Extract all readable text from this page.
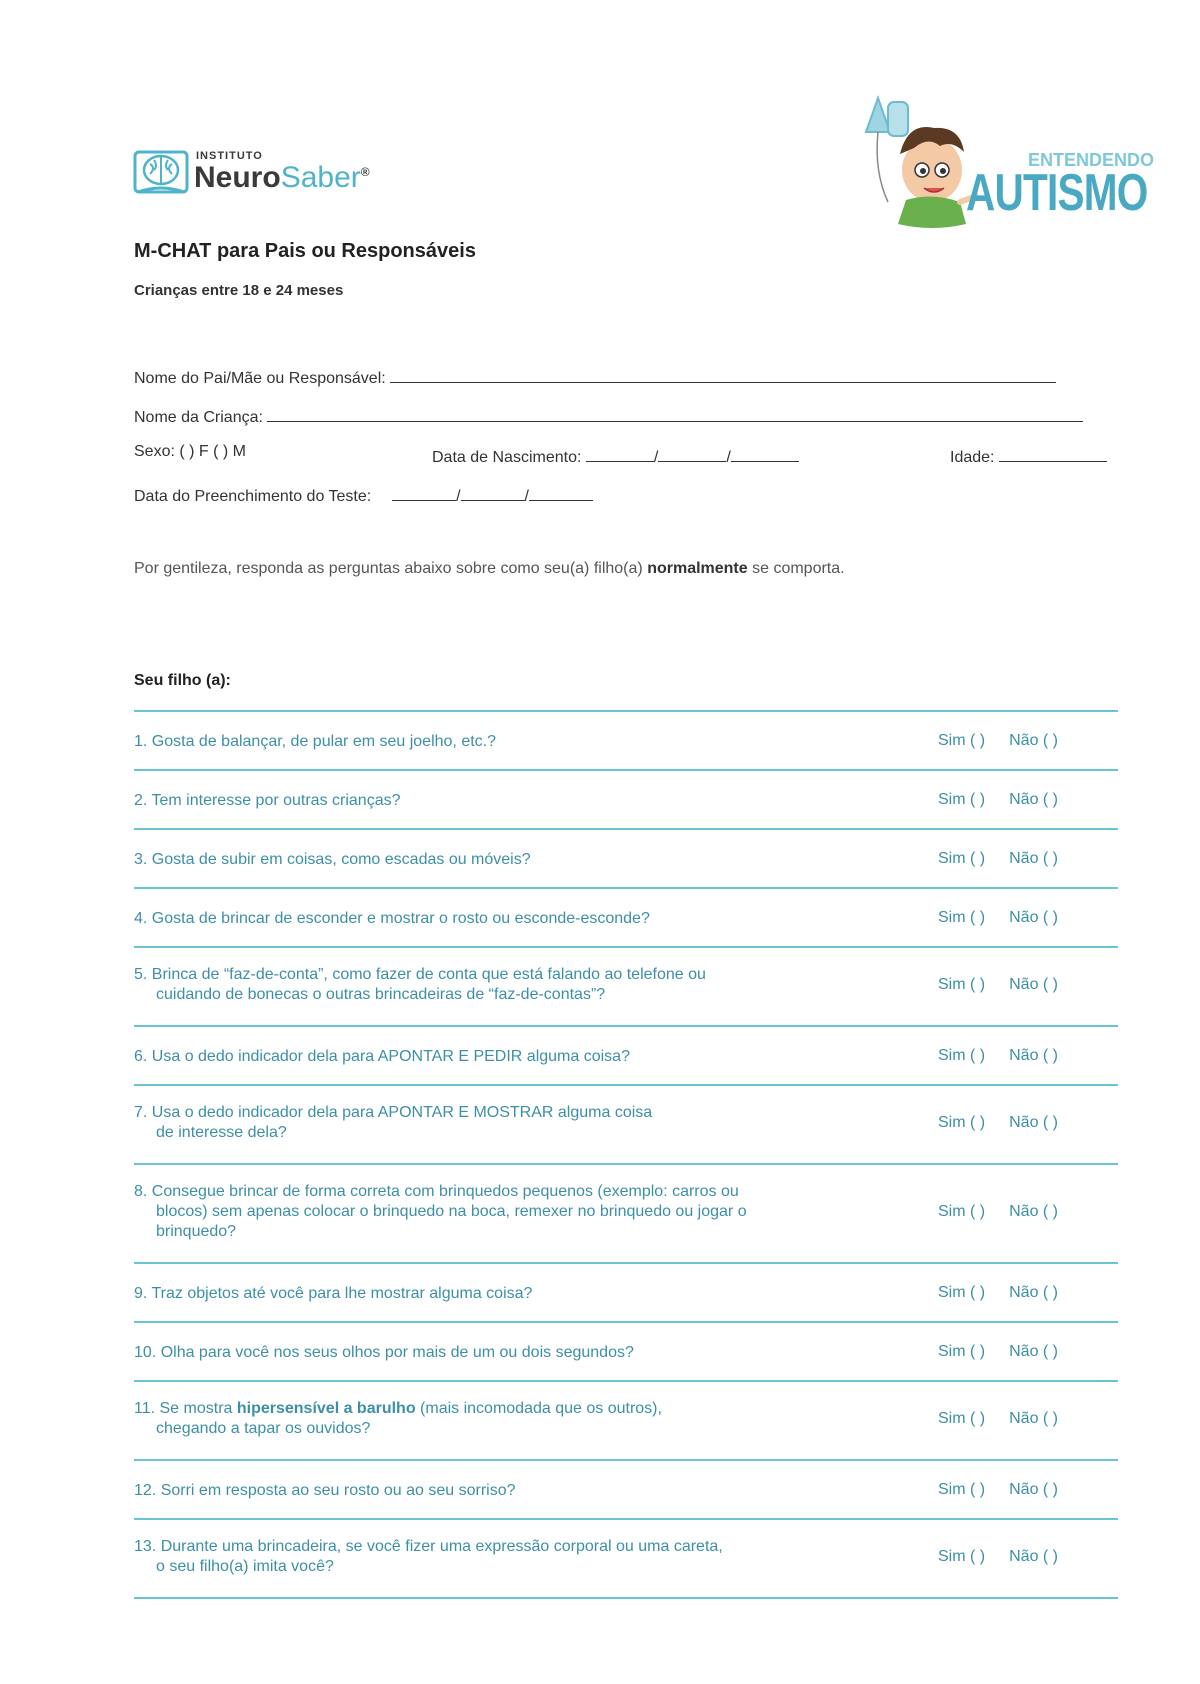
INSTITUTO
NeuroSaber®
ENTENDENDO
AUTISMO
M-CHAT para Pais ou Responsáveis
Crianças entre 18 e 24 meses
Nome do Pai/Mãe ou Responsável:
Nome da Criança:
Sexo: ( ) F ( ) M	Data de Nascimento:	/	/	Idade:
Data do Preenchimento do Teste:	/	/
Por gentileza, responda as perguntas abaixo sobre como seu(a) filho(a) normalmente se comporta.
Seu filho (a):
1. Gosta de balançar, de pular em seu joelho, etc.?	Sim ( ) Não ( )
2. Tem interesse por outras crianças?	Sim ( ) Não ( )
3. Gosta de subir em coisas, como escadas ou móveis?	Sim ( ) Não ( )
4. Gosta de brincar de esconder e mostrar o rosto ou esconde-esconde?	Sim ( ) Não ( )
5. Brinca de “faz-de-conta”, como fazer de conta que está falando ao telefone ou
cuidando de bonecas o outras brincadeiras de “faz-de-contas”?
Sim ( ) Não ( )
6. Usa o dedo indicador dela para APONTAR E PEDIR alguma coisa?	Sim ( ) Não ( )
7. Usa o dedo indicador dela para APONTAR E MOSTRAR alguma coisa
de interesse dela?
Sim ( ) Não ( )
8. Consegue brincar de forma correta com brinquedos pequenos (exemplo: carros ou
blocos) sem apenas colocar o brinquedo na boca, remexer no brinquedo ou jogar o
brinquedo?
Sim ( ) Não ( )
9. Traz objetos até você para lhe mostrar alguma coisa?	Sim ( ) Não ( )
10. Olha para você nos seus olhos por mais de um ou dois segundos?	Sim ( ) Não ( )
11. Se mostra hipersensível a barulho (mais incomodada que os outros),
chegando a tapar os ouvidos?
Sim ( ) Não ( )
12. Sorri em resposta ao seu rosto ou ao seu sorriso?	Sim ( ) Não ( )
13. Durante uma brincadeira, se você fizer uma expressão corporal ou uma careta,
o seu filho(a) imita você?
Sim ( ) Não ( )
